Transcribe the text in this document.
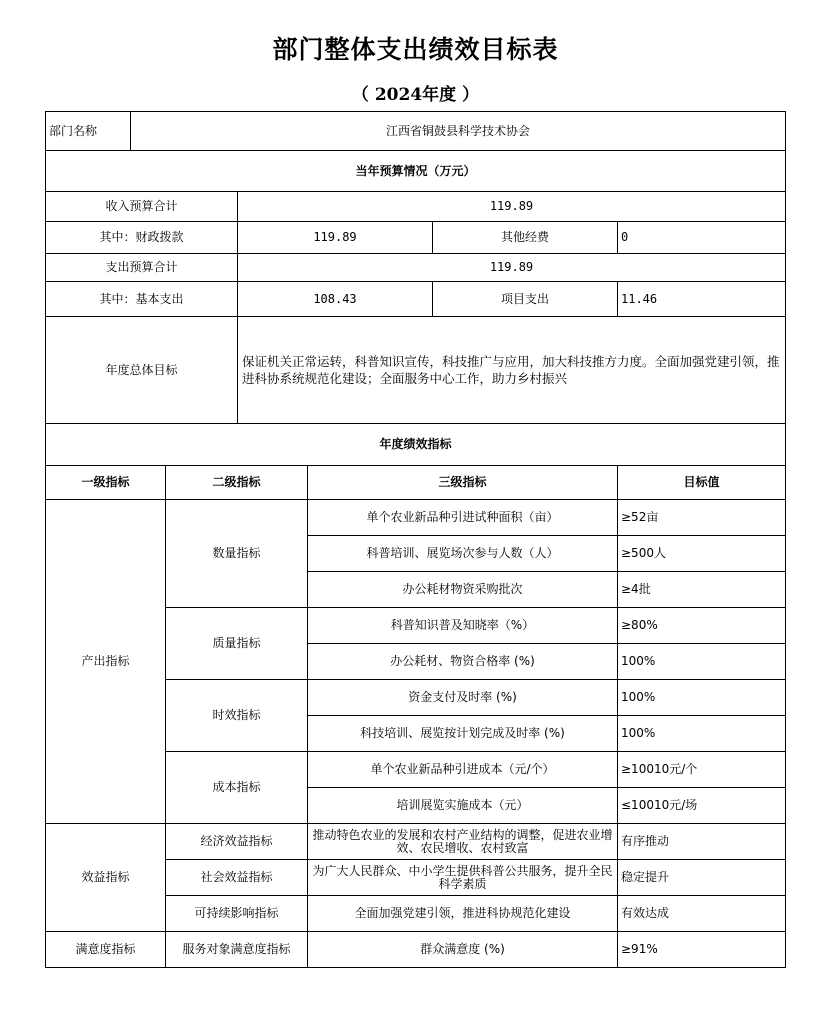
部门整体支出绩效目标表
（ 2024年度 ）
部门名称	江西省铜鼓县科学技术协会					
当年预算情况（万元）						
收入预算合计			119.89			
其中：财政拨款			119.89		其他经费	0
支出预算合计			119.89			
其中：基本支出			108.43		项目支出	11.46
年度总体目标			保证机关正常运转，科普知识宣传，科技推广与应用，加大科技推方力度。全面加强党建引领，推进科协系统规范化建设；全面服务中心工作，助力乡村振兴			
年度绩效指标						
一级指标		二级指标		三级指标		目标值
产出指标		数量指标		单个农业新品种引进试种面积（亩）		≥52亩
				科普培训、展览场次参与人数（人）		≥500人
				办公耗材物资采购批次		≥4批
		质量指标		科普知识普及知晓率（%）		≥80%
				办公耗材、物资合格率 (%)		100%
		时效指标		资金支付及时率 (%)		100%
				科技培训、展览按计划完成及时率 (%)		100%
		成本指标		单个农业新品种引进成本（元/个）		≥10010元/个
				培训展览实施成本（元）		≤10010元/场
效益指标		经济效益指标		推动特色农业的发展和农村产业结构的调整，促进农业增效、农民增收、农村致富		有序推动
		社会效益指标		为广大人民群众、中小学生提供科普公共服务，提升全民科学素质		稳定提升
		可持续影响指标		全面加强党建引领，推进科协规范化建设		有效达成
满意度指标		服务对象满意度指标		群众满意度 (%)		≥91%
